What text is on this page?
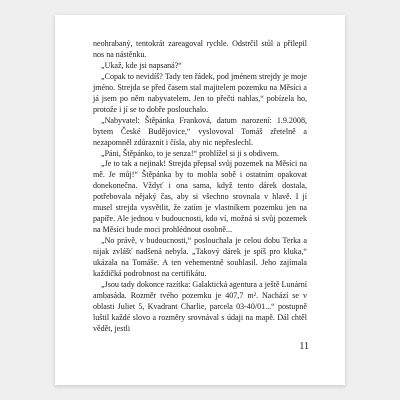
neohrabaný, tentokrát zareagoval rychle. Odstrčil stůl a přilepil nos na nástěnku.

„Ukaž, kde jsi napsaná?“

„Copak to nevidíš? Tady ten řádek, pod jménem strejdy je moje jméno. Strejda se před časem stal majitelem pozemku na Měsíci a já jsem po něm nabyvatelem. Jen to přečti nahlas,“ pobízela ho, protože i jí se to dobře poslouchalo.

„Nabyvatel: Štěpánka Franková, datum narození: 1.9.2008, bytem České Budějovice,“ vyslovoval Tomáš zřetelně a nezapomněl zdůraznit i čísla, aby nic nepřeslechl.

„Páni, Štěpánko, to je senza!“ prohlížel si ji s obdivem.

„Je to tak a nejinak! Strejda přepsal svůj pozemek na Měsíci na mě. Je můj!“ Štěpánka by to mohla sobě i ostatním opakovat donekonečna. Vždyť i ona sama, když tento dárek dostala, potřebovala nějaký čas, aby si všechno srovnala v hlavě. I jí musel strejda vysvětlit, že zatím je vlastníkem pozemku jen na papíře. Ale jednou v budoucnosti, kdo ví, možná si svůj pozemek na Měsíci bude moci prohlédnout osobně...

„No právě, v budoucnosti,“ poslouchala je celou dobu Terka a nijak zvlášť nadšená nebyla. „Takový dárek je spíš pro kluka,“ ukázala na Tomáše. A ten vehementně souhlasil. Jeho zajímala každičká podrobnost na certifikátu.

„Jsou tady dokonce razítka: Galaktická agentura a ještě Lunární ambasáda. Rozměr tvého pozemku je 407,7 m². Nachází se v oblasti Juliet 5, Kvadrant Charlie, parcela 03-40/01...“ postupně luštil každé slovo a rozměry srovnával s údaji na mapě. Dál chtěl vědět, jestli

11
